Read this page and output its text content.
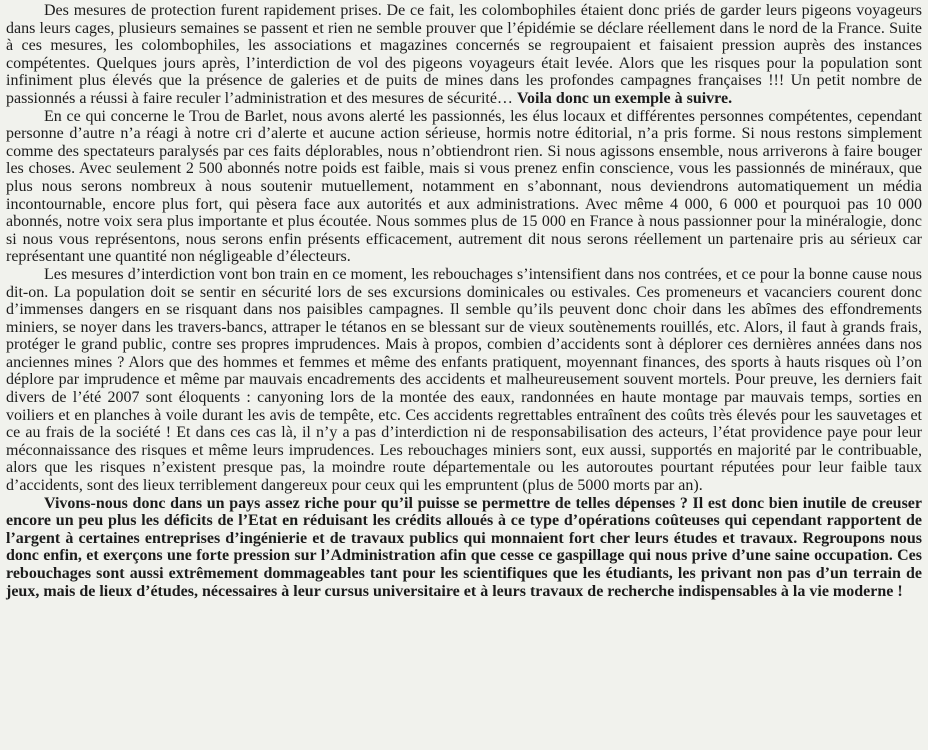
Des mesures de protection furent rapidement prises. De ce fait, les colombophiles étaient donc priés de garder leurs pigeons voyageurs dans leurs cages, plusieurs semaines se passent et rien ne semble prouver que l’épidémie se déclare réellement dans le nord de la France. Suite à ces mesures, les colombophiles, les associations et magazines concernés se regroupaient et faisaient pression auprès des instances compétentes. Quelques jours après, l’interdiction de vol des pigeons voyageurs était levée. Alors que les risques pour la population sont infiniment plus élevés que la présence de galeries et de puits de mines dans les profondes campagnes françaises !!! Un petit nombre de passionnés a réussi à faire reculer l’administration et des mesures de sécurité… Voila donc un exemple à suivre.

En ce qui concerne le Trou de Barlet, nous avons alerté les passionnés, les élus locaux et différentes personnes compétentes, cependant personne d’autre n’a réagi à notre cri d’alerte et aucune action sérieuse, hormis notre éditorial, n’a pris forme. Si nous restons simplement comme des spectateurs paralysés par ces faits déplorables, nous n’obtiendront rien. Si nous agissons ensemble, nous arriverons à faire bouger les choses. Avec seulement 2 500 abonnés notre poids est faible, mais si vous prenez enfin conscience, vous les passionnés de minéraux, que plus nous serons nombreux à nous soutenir mutuellement, notamment en s’abonnant, nous deviendrons automatiquement un média incontournable, encore plus fort, qui pèsera face aux autorités et aux administrations. Avec même 4 000, 6 000 et pourquoi pas 10 000 abonnés, notre voix sera plus importante et plus écoutée. Nous sommes plus de 15 000 en France à nous passionner pour la minéralogie, donc si nous vous représentons, nous serons enfin présents efficacement, autrement dit nous serons réellement un partenaire pris au sérieux car représentant une quantité non négligeable d’électeurs.

Les mesures d’interdiction vont bon train en ce moment, les rebouchages s’intensifient dans nos contrées, et ce pour la bonne cause nous dit-on. La population doit se sentir en sécurité lors de ses excursions dominicales ou estivales. Ces promeneurs et vacanciers courent donc d’immenses dangers en se risquant dans nos paisibles campagnes. Il semble qu’ils peuvent donc choir dans les abîmes des effondrements miniers, se noyer dans les travers-bancs, attraper le tétanos en se blessant sur de vieux soutènements rouillés, etc. Alors, il faut à grands frais, protéger le grand public, contre ses propres imprudences. Mais à propos, combien d’accidents sont à déplorer ces dernières années dans nos anciennes mines ? Alors que des hommes et femmes et même des enfants pratiquent, moyennant finances, des sports à hauts risques où l’on déplore par imprudence et même par mauvais encadrements des accidents et malheureusement souvent mortels. Pour preuve, les derniers fait divers de l’été 2007 sont éloquents : canyoning lors de la montée des eaux, randonnées en haute montage par mauvais temps, sorties en voiliers et en planches à voile durant les avis de tempête, etc. Ces accidents regrettables entraînent des coûts très élevés pour les sauvetages et ce au frais de la société ! Et dans ces cas là, il n’y a pas d’interdiction ni de responsabilisation des acteurs, l’état providence paye pour leur méconnaissance des risques et même leurs imprudences. Les rebouchages miniers sont, eux aussi, supportés en majorité par le contribuable, alors que les risques n’existent presque pas, la moindre route départementale ou les autoroutes pourtant réputées pour leur faible taux d’accidents, sont des lieux terriblement dangereux pour ceux qui les empruntent (plus de 5000 morts par an).

Vivons-nous donc dans un pays assez riche pour qu’il puisse se permettre de telles dépenses ? Il est donc bien inutile de creuser encore un peu plus les déficits de l’Etat en réduisant les crédits alloués à ce type d’opérations coûteuses qui cependant rapportent de l’argent à certaines entreprises d’ingénierie et de travaux publics qui monnaient fort cher leurs études et travaux. Regroupons nous donc enfin, et exerçons une forte pression sur l’Administration afin que cesse ce gaspillage qui nous prive d’une saine occupation. Ces rebouchages sont aussi extrêmement dommageables tant pour les scientifiques que les étudiants, les privant non pas d’un terrain de jeux, mais de lieux d’études, nécessaires à leur cursus universitaire et à leurs travaux de recherche indispensables à la vie moderne !
